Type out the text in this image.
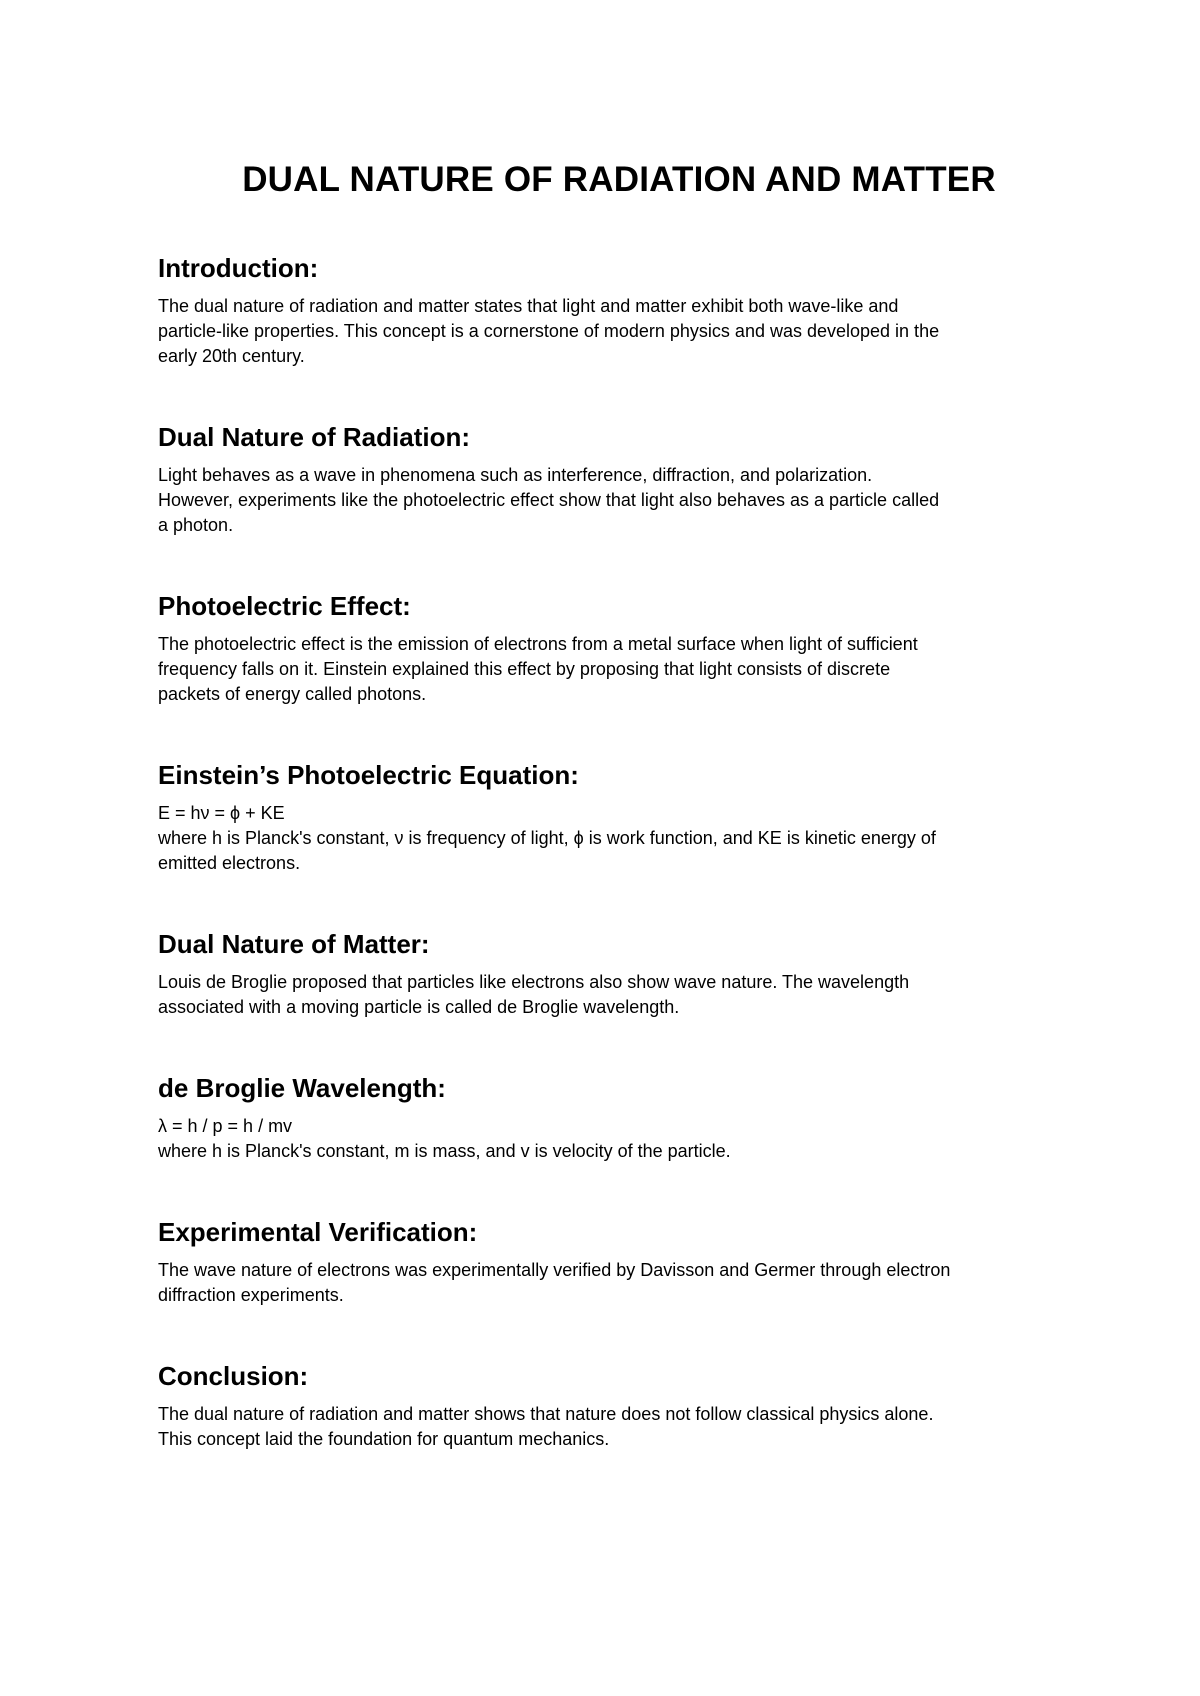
DUAL NATURE OF RADIATION AND MATTER
Introduction:
The dual nature of radiation and matter states that light and matter exhibit both wave-like and
particle-like properties. This concept is a cornerstone of modern physics and was developed in the
early 20th century.
Dual Nature of Radiation:
Light behaves as a wave in phenomena such as interference, diffraction, and polarization.
However, experiments like the photoelectric effect show that light also behaves as a particle called
a photon.
Photoelectric Effect:
The photoelectric effect is the emission of electrons from a metal surface when light of sufficient
frequency falls on it. Einstein explained this effect by proposing that light consists of discrete
packets of energy called photons.
Einstein’s Photoelectric Equation:
E = hν = ϕ + KE
where h is Planck's constant, ν is frequency of light, ϕ is work function, and KE is kinetic energy of
emitted electrons.
Dual Nature of Matter:
Louis de Broglie proposed that particles like electrons also show wave nature. The wavelength
associated with a moving particle is called de Broglie wavelength.
de Broglie Wavelength:
λ = h / p = h / mv
where h is Planck's constant, m is mass, and v is velocity of the particle.
Experimental Verification:
The wave nature of electrons was experimentally verified by Davisson and Germer through electron
diffraction experiments.
Conclusion:
The dual nature of radiation and matter shows that nature does not follow classical physics alone.
This concept laid the foundation for quantum mechanics.
